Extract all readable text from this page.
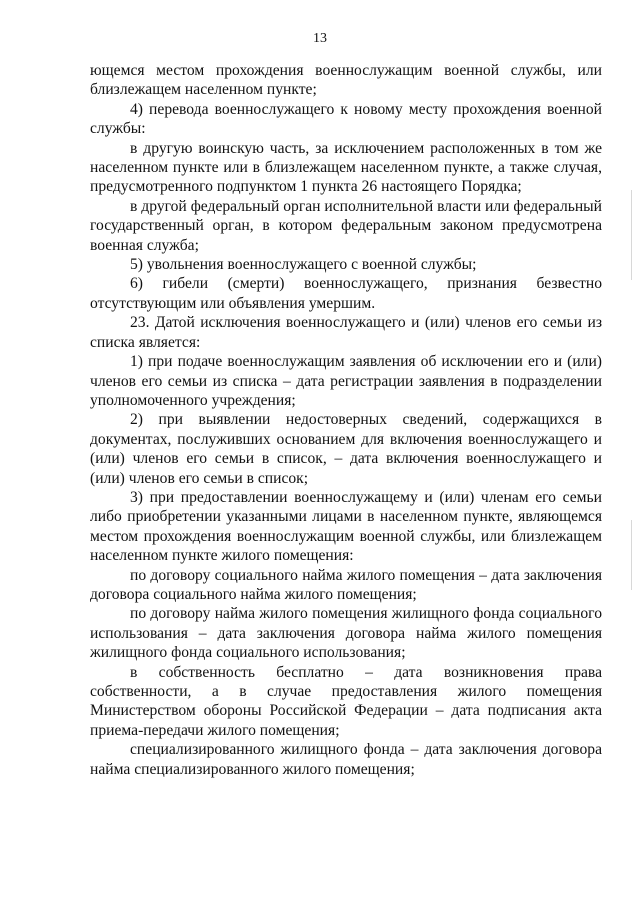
13

ющемся местом прохождения военнослужащим военной службы, или близлежащем населенном пункте;

4) перевода военнослужащего к новому месту прохождения военной службы:

в другую воинскую часть, за исключением расположенных в том же населенном пункте или в близлежащем населенном пункте, а также случая, предусмотренного подпунктом 1 пункта 26 настоящего Порядка;

в другой федеральный орган исполнительной власти или федеральный государственный орган, в котором федеральным законом предусмотрена военная служба;

5) увольнения военнослужащего с военной службы;

6) гибели (смерти) военнослужащего, признания безвестно отсутствующим или объявления умершим.

23. Датой исключения военнослужащего и (или) членов его семьи из списка является:

1) при подаче военнослужащим заявления об исключении его и (или) членов его семьи из списка – дата регистрации заявления в подразделении уполномоченного учреждения;

2) при выявлении недостоверных сведений, содержащихся в документах, послуживших основанием для включения военнослужащего и (или) членов его семьи в список, – дата включения военнослужащего и (или) членов его семьи в список;

3) при предоставлении военнослужащему и (или) членам его семьи либо приобретении указанными лицами в населенном пункте, являющемся местом прохождения военнослужащим военной службы, или близлежащем населенном пункте жилого помещения:

по договору социального найма жилого помещения – дата заключения договора социального найма жилого помещения;

по договору найма жилого помещения жилищного фонда социального использования – дата заключения договора найма жилого помещения жилищного фонда социального использования;

в собственность бесплатно – дата возникновения права собственности, а в случае предоставления жилого помещения Министерством обороны Российской Федерации – дата подписания акта приема-передачи жилого помещения;

специализированного жилищного фонда – дата заключения договора найма специализированного жилого помещения;
